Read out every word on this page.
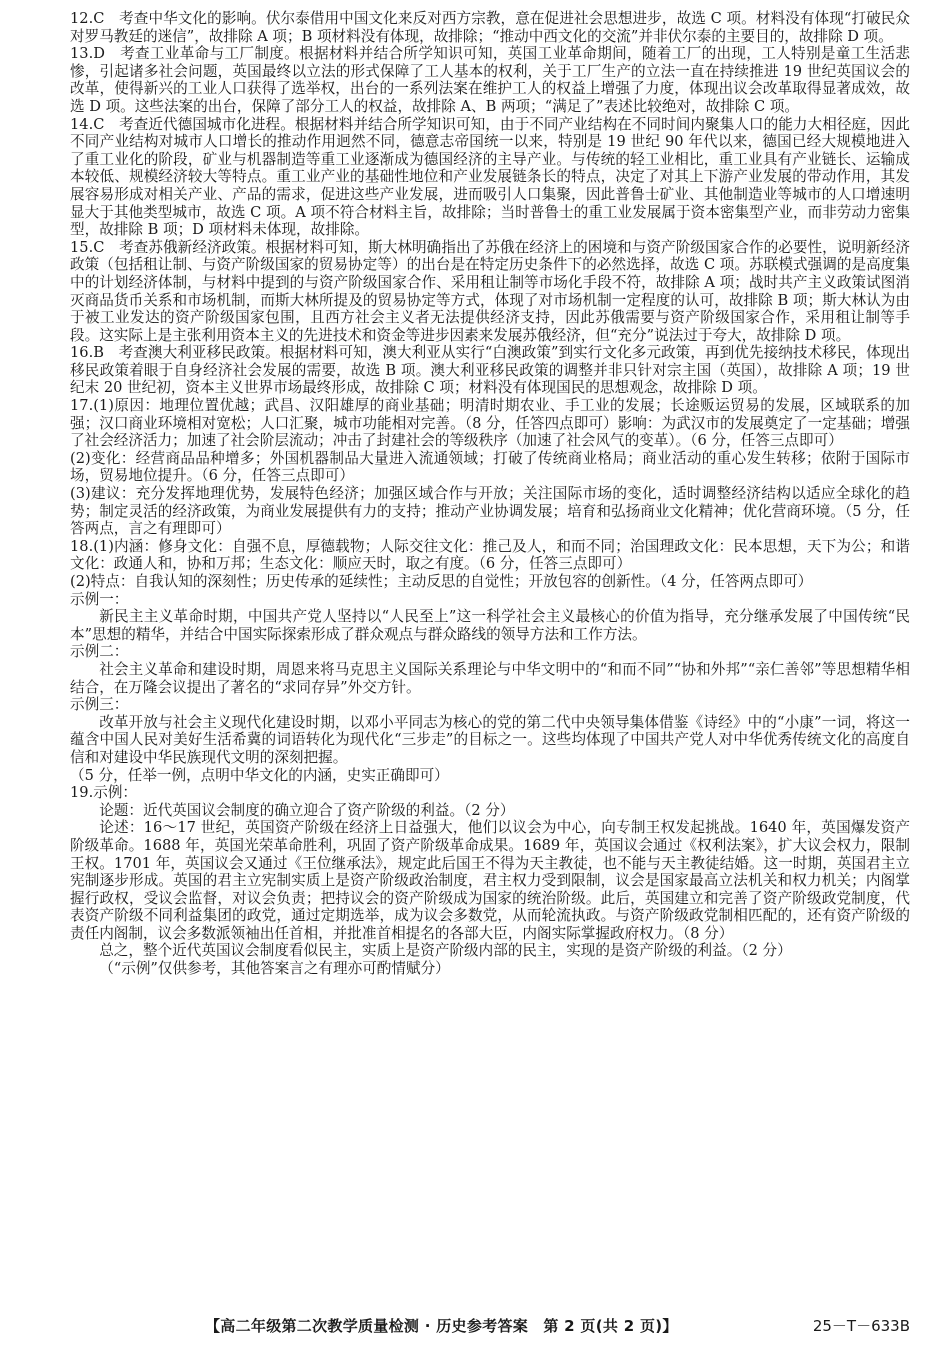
12.C　考查中华文化的影响。伏尔泰借用中国文化来反对西方宗教，意在促进社会思想进步，故选 C 项。材料没有体现“打破民众对罗马教廷的迷信”，故排除 A 项；B 项材料没有体现，故排除；“推动中西文化的交流”并非伏尔泰的主要目的，故排除 D 项。

13.D　考查工业革命与工厂制度。根据材料并结合所学知识可知，英国工业革命期间，随着工厂的出现，工人特别是童工生活悲惨，引起诸多社会问题，英国最终以立法的形式保障了工人基本的权利，关于工厂生产的立法一直在持续推进 19 世纪英国议会的改革，使得新兴的工业人口获得了选举权，出台的一系列法案在维护工人的权益上增强了力度，体现出议会改革取得显著成效，故选 D 项。这些法案的出台，保障了部分工人的权益，故排除 A、B 两项；“满足了”表述比较绝对，故排除 C 项。

14.C　考查近代德国城市化进程。根据材料并结合所学知识可知，由于不同产业结构在不同时间内聚集人口的能力大相径庭，因此不同产业结构对城市人口增长的推动作用迥然不同，德意志帝国统一以来，特别是 19 世纪 90 年代以来，德国已经大规模地进入了重工业化的阶段，矿业与机器制造等重工业逐渐成为德国经济的主导产业。与传统的轻工业相比，重工业具有产业链长、运输成本较低、规模经济较大等特点。重工业产业的基础性地位和产业发展链条长的特点，决定了对其上下游产业发展的带动作用，其发展容易形成对相关产业、产品的需求，促进这些产业发展，进而吸引人口集聚，因此普鲁士矿业、其他制造业等城市的人口增速明显大于其他类型城市，故选 C 项。A 项不符合材料主旨，故排除；当时普鲁士的重工业发展属于资本密集型产业，而非劳动力密集型，故排除 B 项；D 项材料未体现，故排除。

15.C　考查苏俄新经济政策。根据材料可知，斯大林明确指出了苏俄在经济上的困境和与资产阶级国家合作的必要性，说明新经济政策（包括租让制、与资产阶级国家的贸易协定等）的出台是在特定历史条件下的必然选择，故选 C 项。苏联模式强调的是高度集中的计划经济体制，与材料中提到的与资产阶级国家合作、采用租让制等市场化手段不符，故排除 A 项；战时共产主义政策试图消灭商品货币关系和市场机制，而斯大林所提及的贸易协定等方式，体现了对市场机制一定程度的认可，故排除 B 项；斯大林认为由于被工业发达的资产阶级国家包围，且西方社会主义者无法提供经济支持，因此苏俄需要与资产阶级国家合作，采用租让制等手段。这实际上是主张利用资本主义的先进技术和资金等进步因素来发展苏俄经济，但“充分”说法过于夸大，故排除 D 项。

16.B　考查澳大利亚移民政策。根据材料可知，澳大利亚从实行“白澳政策”到实行文化多元政策，再到优先接纳技术移民，体现出移民政策着眼于自身经济社会发展的需要，故选 B 项。澳大利亚移民政策的调整并非只针对宗主国（英国），故排除 A 项；19 世纪末 20 世纪初，资本主义世界市场最终形成，故排除 C 项；材料没有体现国民的思想观念，故排除 D 项。

17.(1)原因：地理位置优越；武昌、汉阳雄厚的商业基础；明清时期农业、手工业的发展；长途贩运贸易的发展，区域联系的加强；汉口商业环境相对宽松；人口汇聚，城市功能相对完善。（8 分，任答四点即可）影响：为武汉市的发展奠定了一定基础；增强了社会经济活力；加速了社会阶层流动；冲击了封建社会的等级秩序（加速了社会风气的变革）。（6 分，任答三点即可）

(2)变化：经营商品品种增多；外国机器制品大量进入流通领域；打破了传统商业格局；商业活动的重心发生转移；依附于国际市场，贸易地位提升。（6 分，任答三点即可）

(3)建议：充分发挥地理优势，发展特色经济；加强区域合作与开放；关注国际市场的变化，适时调整经济结构以适应全球化的趋势；制定灵活的经济政策，为商业发展提供有力的支持；推动产业协调发展；培育和弘扬商业文化精神；优化营商环境。（5 分，任答两点，言之有理即可）

18.(1)内涵：修身文化：自强不息，厚德载物；人际交往文化：推己及人，和而不同；治国理政文化：民本思想，天下为公；和谐文化：政通人和，协和万邦；生态文化：顺应天时，取之有度。（6 分，任答三点即可）

(2)特点：自我认知的深刻性；历史传承的延续性；主动反思的自觉性；开放包容的创新性。（4 分，任答两点即可）

示例一：

新民主主义革命时期，中国共产党人坚持以“人民至上”这一科学社会主义最核心的价值为指导，充分继承发展了中国传统“民本”思想的精华，并结合中国实际探索形成了群众观点与群众路线的领导方法和工作方法。

示例二：

社会主义革命和建设时期，周恩来将马克思主义国际关系理论与中华文明中的“和而不同”“协和外邦”“亲仁善邻”等思想精华相结合，在万隆会议提出了著名的“求同存异”外交方针。

示例三：

改革开放与社会主义现代化建设时期，以邓小平同志为核心的党的第二代中央领导集体借鉴《诗经》中的“小康”一词，将这一蕴含中国人民对美好生活希冀的词语转化为现代化“三步走”的目标之一。这些均体现了中国共产党人对中华优秀传统文化的高度自信和对建设中华民族现代文明的深刻把握。

（5 分，任举一例，点明中华文化的内涵，史实正确即可）

19.示例：

论题：近代英国议会制度的确立迎合了资产阶级的利益。（2 分）

论述：16～17 世纪，英国资产阶级在经济上日益强大，他们以议会为中心，向专制王权发起挑战。1640 年，英国爆发资产阶级革命。1688 年，英国光荣革命胜利，巩固了资产阶级革命成果。1689 年，英国议会通过《权利法案》，扩大议会权力，限制王权。1701 年，英国议会又通过《王位继承法》，规定此后国王不得为天主教徒，也不能与天主教徒结婚。这一时期，英国君主立宪制逐步形成。英国的君主立宪制实质上是资产阶级政治制度，君主权力受到限制，议会是国家最高立法机关和权力机关；内阁掌握行政权，受议会监督，对议会负责；把持议会的资产阶级成为国家的统治阶级。此后，英国建立和完善了资产阶级政党制度，代表资产阶级不同利益集团的政党，通过定期选举，成为议会多数党，从而轮流执政。与资产阶级政党制相匹配的，还有资产阶级的责任内阁制，议会多数派领袖出任首相，并批准首相提名的各部大臣，内阁实际掌握政府权力。（8 分）

总之，整个近代英国议会制度看似民主，实质上是资产阶级内部的民主，实现的是资产阶级的利益。（2 分）

（“示例”仅供参考，其他答案言之有理亦可酌情赋分）

【高二年级第二次教学质量检测 · 历史参考答案　第 2 页(共 2 页)】	25－T－633B
